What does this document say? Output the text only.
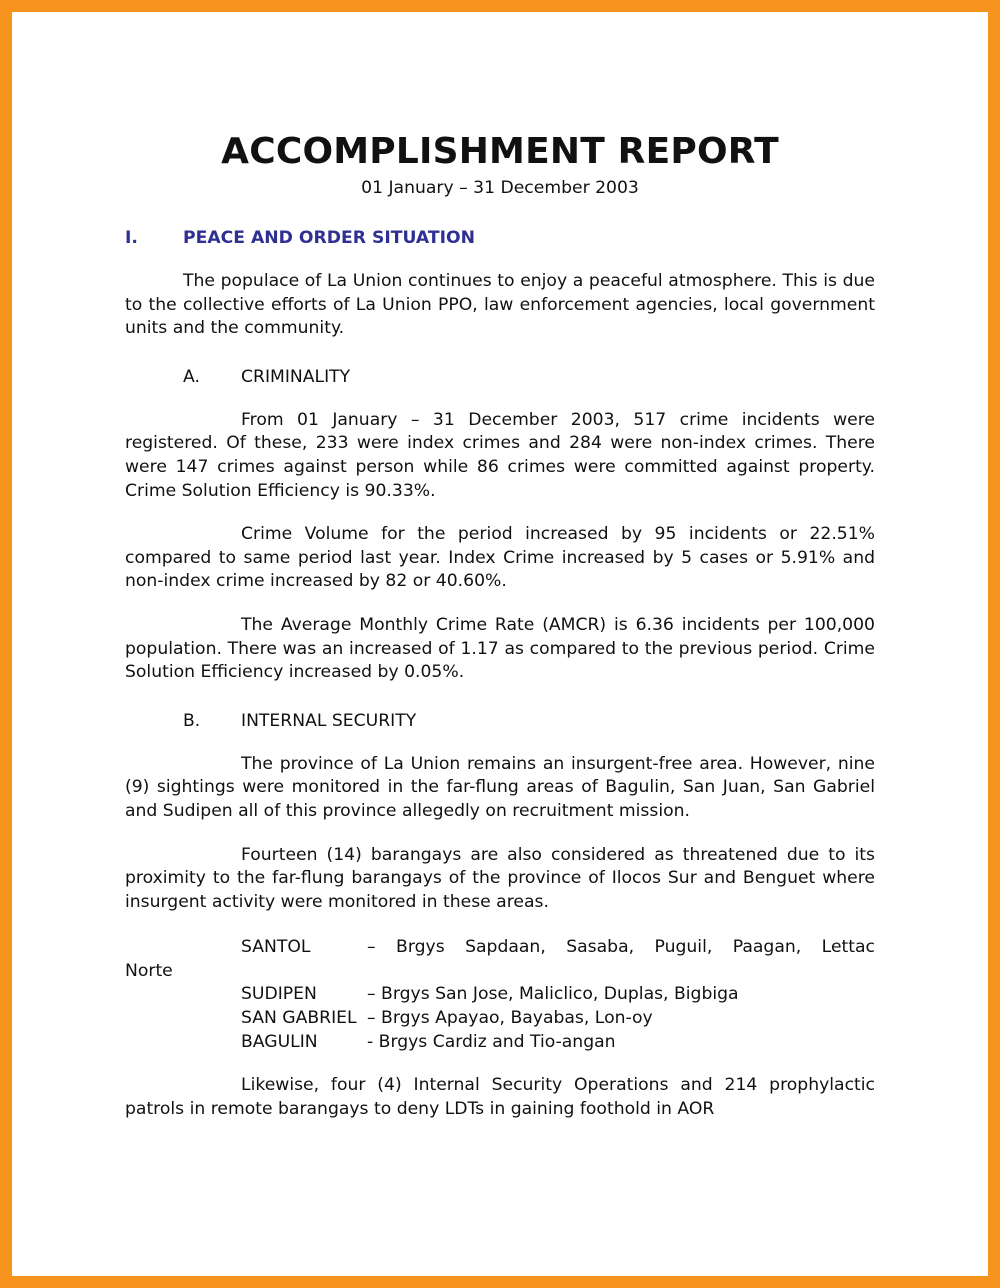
ACCOMPLISHMENT REPORT
01 January – 31 December 2003
I.	PEACE AND ORDER SITUATION

The populace of La Union continues to enjoy a peaceful atmosphere. This is due to the collective efforts of La Union PPO, law enforcement agencies, local government units and the community.

A.	CRIMINALITY

From 01 January – 31 December 2003, 517 crime incidents were registered. Of these, 233 were index crimes and 284 were non-index crimes. There were 147 crimes against person while 86 crimes were committed against property. Crime Solution Efficiency is 90.33%.

Crime Volume for the period increased by 95 incidents or 22.51% compared to same period last year. Index Crime increased by 5 cases or 5.91% and non-index crime increased by 82 or 40.60%.

The Average Monthly Crime Rate (AMCR) is 6.36 incidents per 100,000 population. There was an increased of 1.17 as compared to the previous period. Crime Solution Efficiency increased by 0.05%.

B.	INTERNAL SECURITY

The province of La Union remains an insurgent-free area. However, nine (9) sightings were monitored in the far-flung areas of Bagulin, San Juan, San Gabriel and Sudipen all of this province allegedly on recruitment mission.

Fourteen (14) barangays are also considered as threatened due to its proximity to the far-flung barangays of the province of Ilocos Sur and Benguet where insurgent activity were monitored in these areas.

SANTOL	– Brgys Sapdaan, Sasaba, Puguil, Paagan, Lettac
Norte
SUDIPEN	– Brgys San Jose, Maliclico, Duplas, Bigbiga
SAN GABRIEL – Brgys Apayao, Bayabas, Lon-oy
BAGULIN	- Brgys Cardiz and Tio-angan

Likewise, four (4) Internal Security Operations and 214 prophylactic patrols in remote barangays to deny LDTs in gaining foothold in AOR
